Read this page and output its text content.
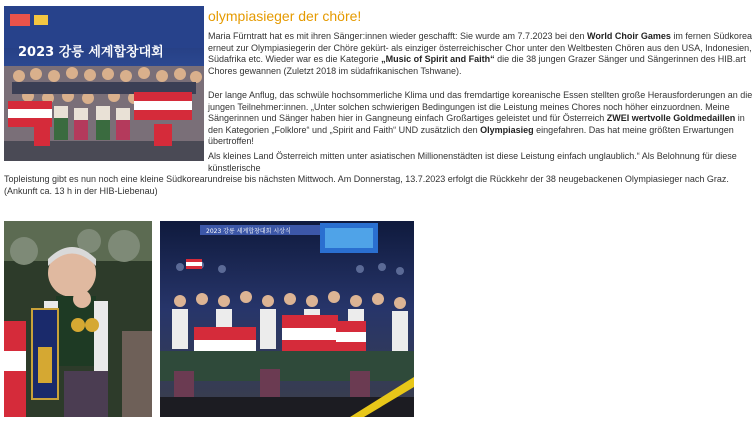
2023 강릉 세계합창대회
olympiasieger der chöre!

Maria Fürntratt hat es mit ihren Sänger:innen wieder geschafft: Sie wurde am 7.7.2023 bei den World Choir Games im fernen Südkorea erneut zur Olympiasiegerin der Chöre gekürt- als einziger österreichischer Chor unter den Weltbesten Chören aus den USA, Indonesien, Südafrika etc. Wieder war es die Kategorie „Music of Spirit and Faith“ die die 38 jungen Grazer Sänger und Sängerinnen des HIB.art Chores gewannen (Zuletzt 2018 im südafrikanischen Tshwane).

Der lange Anflug, das schwüle hochsommerliche Klima und das fremdartige koreanische Essen stellten große Herausforderungen an die jungen Teilnehmer:innen. „Unter solchen schwierigen Bedingungen ist die Leistung meines Chores noch höher einzuordnen. Meine Sängerinnen und Sänger haben hier in Gangneung einfach Großartiges geleistet und für Österreich ZWEI wertvolle Goldmedaillen in den Kategorien „Folklore“ und „Spirit and Faith“ UND zusätzlich den Olympiasieg eingefahren. Das hat meine größten Erwartungen übertroffen!

Als kleines Land Österreich mitten unter asiatischen Millionenstädten ist diese Leistung einfach unglaublich.“ Als Belohnung für diese künstlerische
Topleistung gibt es nun noch eine kleine Südkorearundreise bis nächsten Mittwoch. Am Donnerstag, 13.7.2023 erfolgt die Rückkehr der 38 neugebackenen Olympiasieger nach Graz. (Ankunft ca. 13 h in der HIB-Liebenau)

2023 강릉 세계합창대회 시상식
